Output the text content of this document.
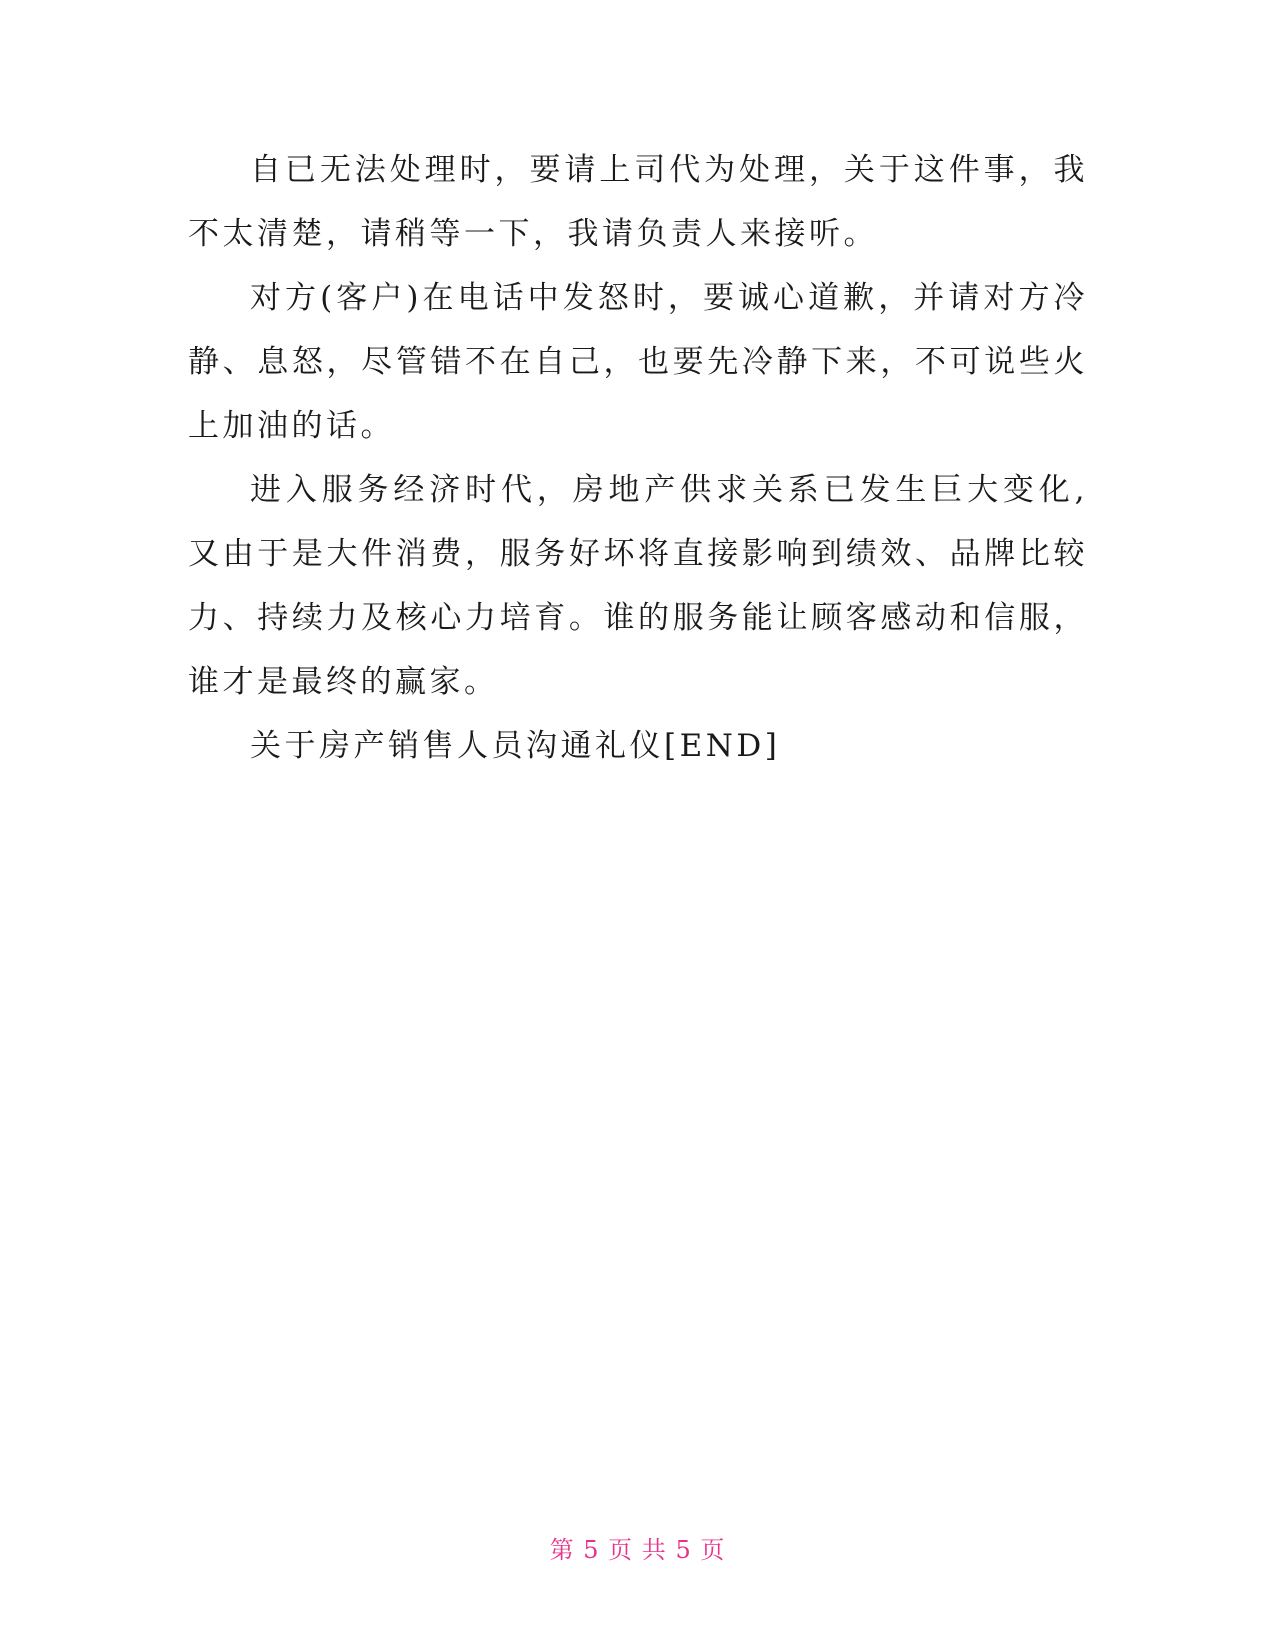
自已无法处理时，要请上司代为处理，关于这件事，我不太清楚，请稍等一下，我请负责人来接听。

对方(客户)在电话中发怒时，要诚心道歉，并请对方冷静、息怒，尽管错不在自己，也要先冷静下来，不可说些火上加油的话。

进入服务经济时代，房地产供求关系已发生巨大变化,又由于是大件消费，服务好坏将直接影响到绩效、品牌比较力、持续力及核心力培育。谁的服务能让顾客感动和信服，谁才是最终的赢家。

关于房产销售人员沟通礼仪[END]

第 5 页 共 5 页
